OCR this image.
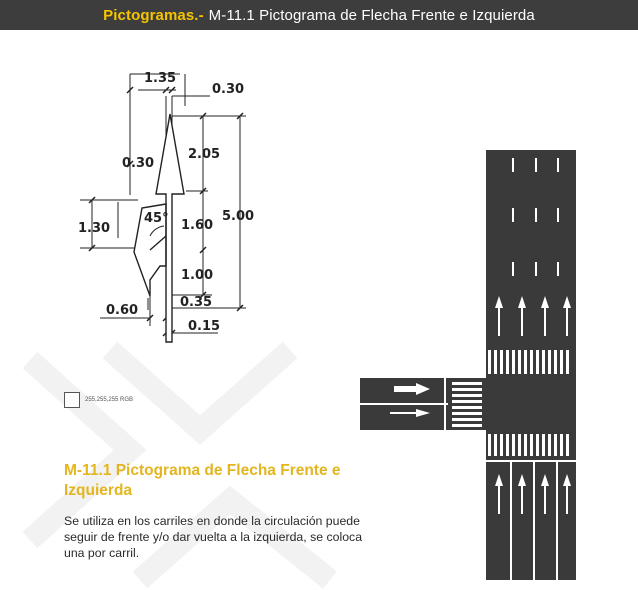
Pictogramas.- M-11.1 Pictograma de Flecha Frente e Izquierda
1.35
0.30
2.05
0.30
5.00
1.30
45° 1.60
1.00
0.60
0.35
0.15
255,255,255 RGB
M-11.1 Pictograma de Flecha Frente e Izquierda
Se utiliza en los carriles en donde la circulación puede seguir de frente y/o dar vuelta a la izquierda, se coloca una por carril.
